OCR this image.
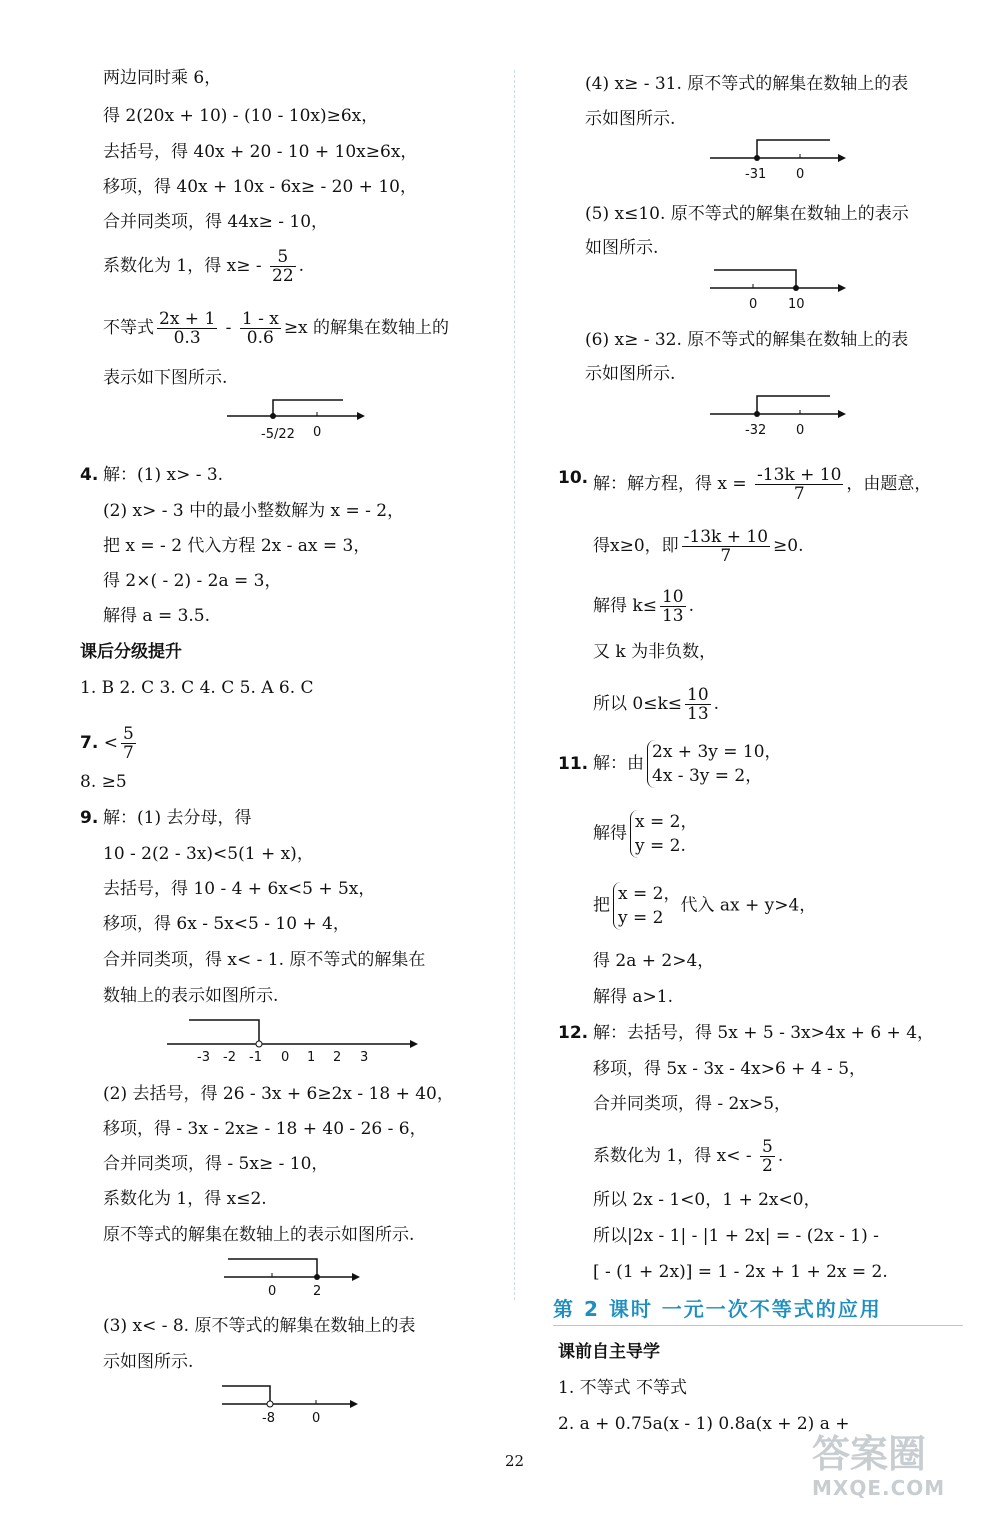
两边同时乘 6，
得 2(20x + 10) - (10 - 10x)≥6x，
去括号，得 40x + 20 - 10 + 10x≥6x，
移项，得 40x + 10x - 6x≥ - 20 + 10，
合并同类项，得 44x≥ - 10，
系数化为 1，得 $x\ge - \frac{5}{22}$ .
不等式 $\frac{2x + 1}{0.3} - \frac{1 - x}{0.6} \ge x$ 的解集在数轴上的
表示如下图所示.
-5/22 0
4. 解：(1) x> - 3.
(2) x> - 3 中的最小整数解为 x = - 2，
把 x = - 2 代入方程 2x - ax = 3，
得 2×( - 2) - 2a = 3，
解得 a = 3.5.
课后分级提升
1. B 2. C 3. C 4. C 5. A 6. C
7. < $\frac{5}{7}$
8. ≥5
9. 解：(1) 去分母，得
10 - 2(2 - 3x)<5(1 + x)，
去括号，得 10 - 4 + 6x<5 + 5x，
移项，得 6x - 5x<5 - 10 + 4，
合并同类项，得 x< - 1. 原不等式的解集在
数轴上的表示如图所示.
-3 -2 -1 0 1 2 3
(2) 去括号，得 26 - 3x + 6≥2x - 18 + 40，
移项，得 - 3x - 2x≥ - 18 + 40 - 26 - 6，
合并同类项，得 - 5x≥ - 10，
系数化为 1，得 x≤2.
原不等式的解集在数轴上的表示如图所示.
0	2
(3) x< - 8. 原不等式的解集在数轴上的表
示如图所示.
-8	0
(4) x≥ - 31. 原不等式的解集在数轴上的表
示如图所示.
-31 0
(5) x≤10. 原不等式的解集在数轴上的表示
如图所示.
0 10
(6) x≥ - 32. 原不等式的解集在数轴上的表
示如图所示.
-32 0
10. 解：解方程，得 $x = \frac{-13k + 10}{7}$ ，由题意，
得x≥0，即 $\frac{-13k + 10}{7} \ge 0$.
解得 $k\le \frac{10}{13}$ .
又 k 为非负数，
所以 $0\le k\le \frac{10}{13}$ .
11. 解：由
2x + 3y = 10，
4x - 3y = 2，
解得
x = 2，
y = 2.
把
x = 2，
y = 2
代入 ax + y>4，
得 2a + 2>4，
解得 a>1.
12. 解：去括号，得 5x + 5 - 3x>4x + 6 + 4，
移项，得 5x - 3x - 4x>6 + 4 - 5，
合并同类项，得 - 2x>5，
系数化为 1，得 $x< - \frac{5}{2}$ .
所以 2x - 1<0，1 + 2x<0，
所以|2x - 1| - |1 + 2x| = - (2x - 1) -
[ - (1 + 2x)] = 1 - 2x + 1 + 2x = 2.
课前自主导学
1. 不等式 不等式
2. a + 0.75a(x - 1) 0.8a(x + 2) a +
第 2 课时 一元一次不等式的应用
22	答案圈
MXQE.COM
